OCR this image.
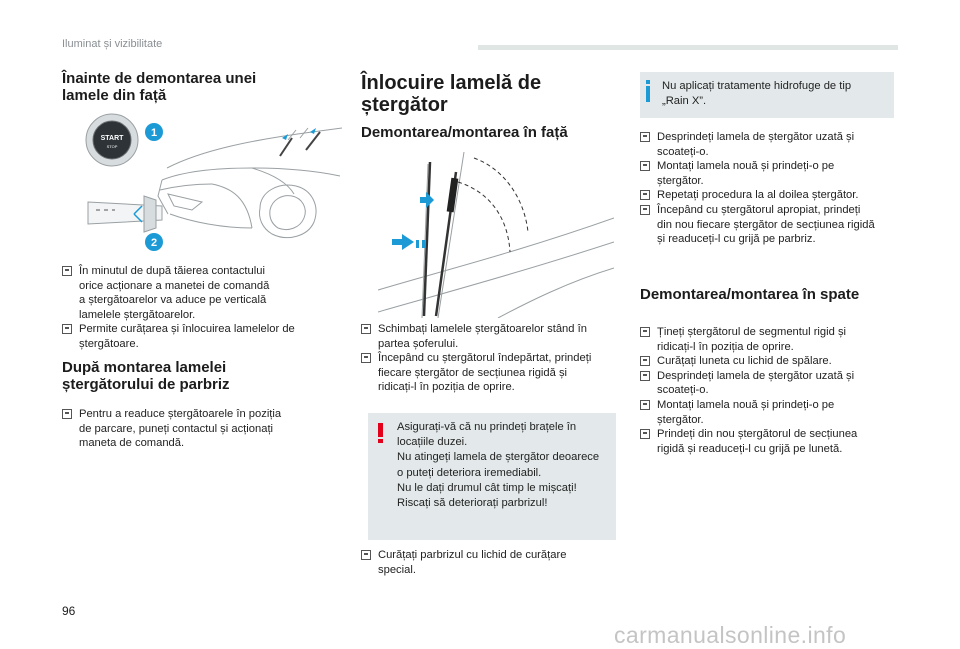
Iluminat și vizibilitate
Înainte de demontarea unei
lamele din față
START
STOP
1
2
În minutul de după tăierea contactului
orice acționare a manetei de comandă
a ștergătoarelor va aduce pe verticală
lamelele ștergătoarelor.
Permite curățarea și înlocuirea lamelelor de
ștergătoare.
După montarea lamelei
ștergătorului de parbriz
Pentru a readuce ștergătoarele în poziția
de parcare, puneți contactul și acționați
maneta de comandă.
Înlocuire lamelă de
ștergător
Demontarea/montarea în față
Schimbați lamelele ștergătoarelor stând în
partea șoferului.
Începând cu ștergătorul îndepărtat, prindeți
fiecare ștergător de secțiunea rigidă și
ridicați-l în poziția de oprire.
Asigurați-vă că nu prindeți brațele în
locațiile duzei.
Nu atingeți lamela de ștergător deoarece
o puteți deteriora iremediabil.
Nu le dați drumul cât timp le mișcați!
Riscați să deteriorați parbrizul!
Curățați parbrizul cu lichid de curățare
special.
Nu aplicați tratamente hidrofuge de tip
„Rain X”.
Desprindeți lamela de ștergător uzată și
scoateți-o.
Montați lamela nouă și prindeți-o pe
ștergător.
Repetați procedura la al doilea ștergător.
Începând cu ștergătorul apropiat, prindeți
din nou fiecare ștergător de secțiunea rigidă
și readuceți-l cu grijă pe parbriz.
Demontarea/montarea în spate
Țineți ștergătorul de segmentul rigid și
ridicați-l în poziția de oprire.
Curățați luneta cu lichid de spălare.
Desprindeți lamela de ștergător uzată și
scoateți-o.
Montați lamela nouă și prindeți-o pe
ștergător.
Prindeți din nou ștergătorul de secțiunea
rigidă și readuceți-l cu grijă pe lunetă.
96
carmanualsonline.info
